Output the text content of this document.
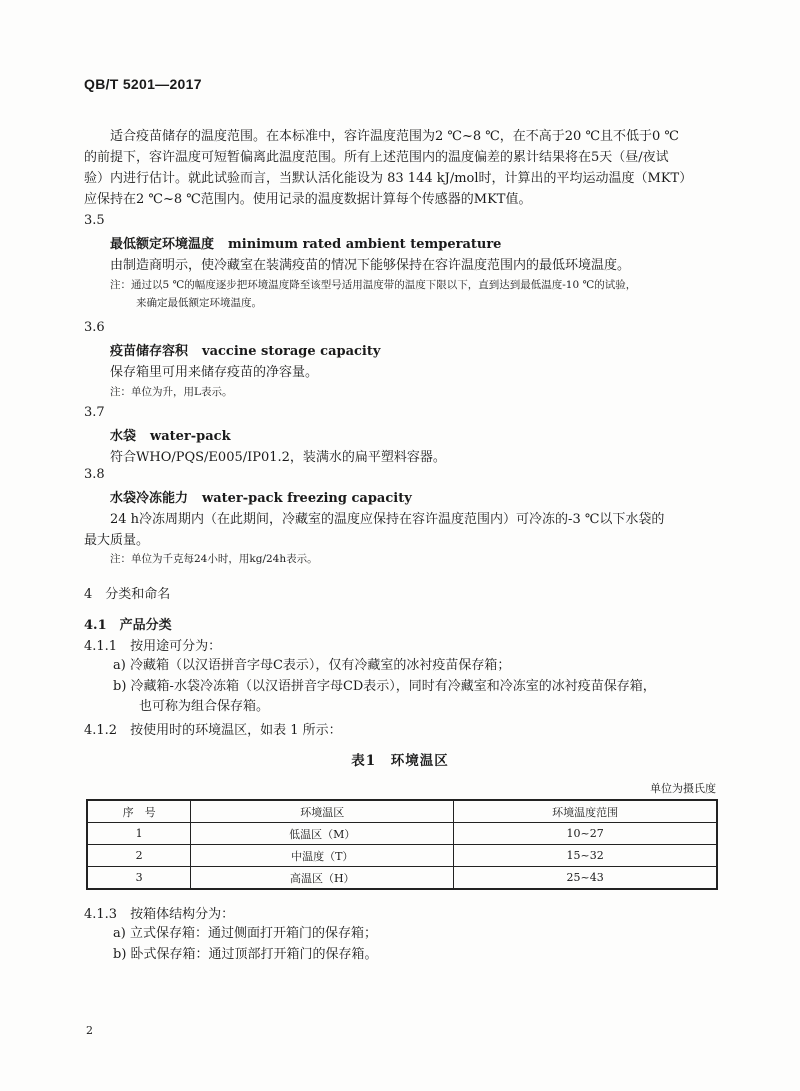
QB/T 5201—2017

适合疫苗储存的温度范围。在本标准中，容许温度范围为2 ℃~8 ℃，在不高于20 ℃且不低于0 ℃

的前提下，容许温度可短暂偏离此温度范围。所有上述范围内的温度偏差的累计结果将在5天（昼/夜试

验）内进行估计。就此试验而言，当默认活化能设为 83 144 kJ/mol时，计算出的平均运动温度（MKT）

应保持在2 ℃~8 ℃范围内。使用记录的温度数据计算每个传感器的MKT值。

3.5
最低额定环境温度 minimum rated ambient temperature
由制造商明示，使冷藏室在装满疫苗的情况下能够保持在容许温度范围内的最低环境温度。
注：通过以5 ℃的幅度逐步把环境温度降至该型号适用温度带的温度下限以下，直到达到最低温度-10 ℃的试验，
来确定最低额定环境温度。
3.6
疫苗储存容积 vaccine storage capacity
保存箱里可用来储存疫苗的净容量。
注：单位为升，用L表示。
3.7
水袋 water-pack
符合WHO/PQS/E005/IP01.2，装满水的扁平塑料容器。
3.8
水袋冷冻能力 water-pack freezing capacity
24 h冷冻周期内（在此期间，冷藏室的温度应保持在容许温度范围内）可冷冻的-3 ℃以下水袋的
最大质量。
注：单位为千克每24小时，用kg/24h表示。
4　分类和命名
4.1　产品分类
4.1.1　按用途可分为：
a) 冷藏箱（以汉语拼音字母C表示），仅有冷藏室的冰衬疫苗保存箱；
b) 冷藏箱-水袋冷冻箱（以汉语拼音字母CD表示），同时有冷藏室和冷冻室的冰衬疫苗保存箱，
也可称为组合保存箱。
4.1.2　按使用时的环境温区，如表 1 所示：
表1　环境温区
单位为摄氏度
序　号	环境温区	环境温度范围
1	低温区（M）	10~27
2	中温度（T）	15~32
3	高温区（H）	25~43
4.1.3　按箱体结构分为：
a) 立式保存箱：通过侧面打开箱门的保存箱；
b) 卧式保存箱：通过顶部打开箱门的保存箱。
2
